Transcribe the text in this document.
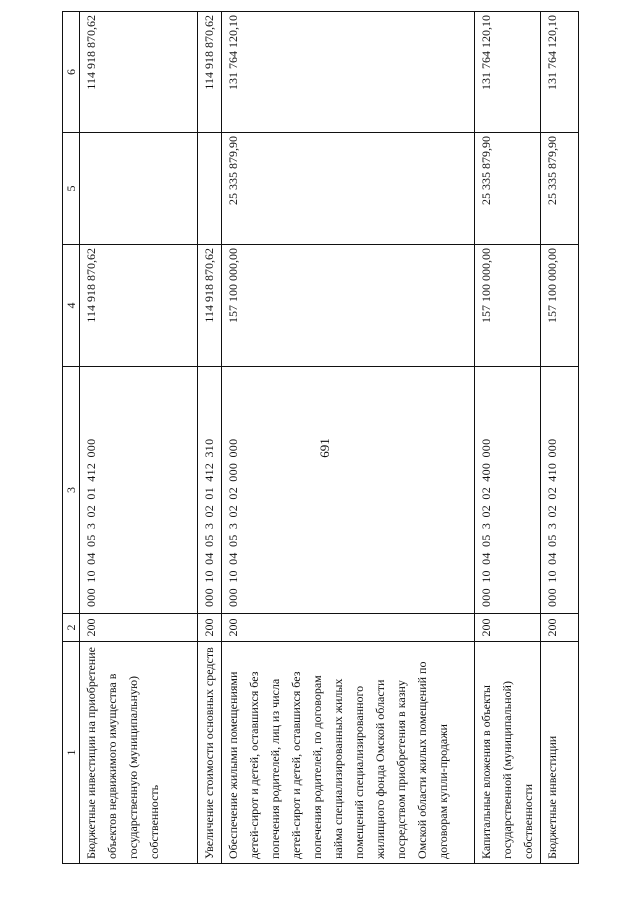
691
1	2	3	4	5	6
Бюджетные инвестиции на приобретение объектов недвижимого имущества в государственную (муниципальную) собственность	200	000 10 04 05 3 02 01 412 000	114 918 870,62		114 918 870,62
Увеличение стоимости основных средств	200	000 10 04 05 3 02 01 412 310	114 918 870,62		114 918 870,62
Обеспечение жилыми помещениями детей-сирот и детей, оставшихся без попечения родителей, лиц из числа детей-сирот и детей, оставшихся без попечения родителей, по договорам найма специализированных жилых помещений специализированного жилищного фонда Омской области посредством приобретения в казну Омской области жилых помещений по договорам купли-продажи	200	000 10 04 05 3 02 02 000 000	157 100 000,00	25 335 879,90	131 764 120,10
Капитальные вложения в объекты государственной (муниципальной) собственности	200	000 10 04 05 3 02 02 400 000	157 100 000,00	25 335 879,90	131 764 120,10
Бюджетные инвестиции	200	000 10 04 05 3 02 02 410 000	157 100 000,00	25 335 879,90	131 764 120,10
